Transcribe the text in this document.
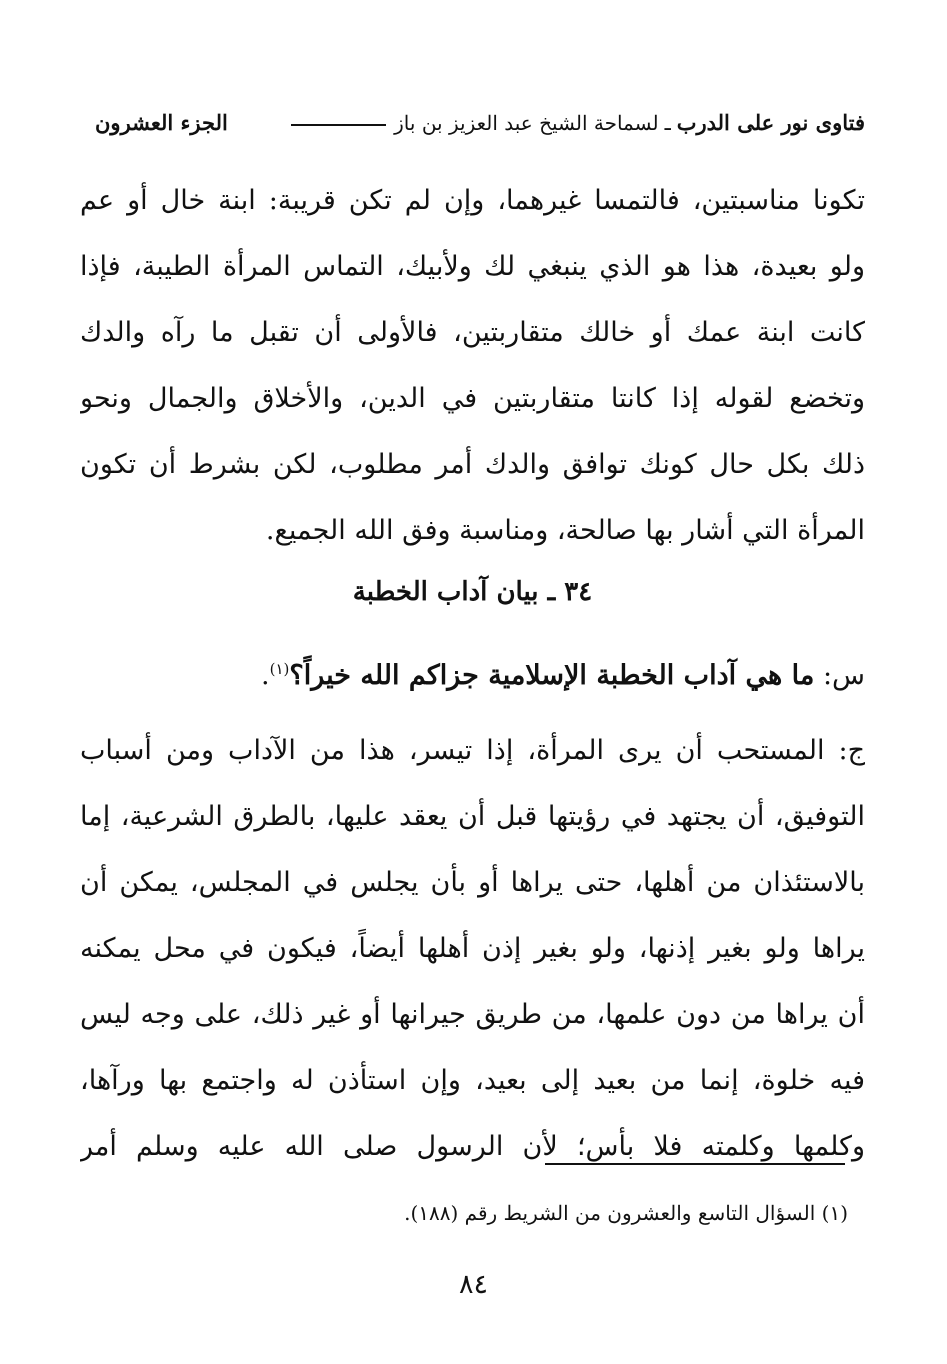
فتاوى نور على الدرب
ـ
لسماحة الشيخ عبد العزيز بن باز
الجزء العشرون
تكونا مناسبتين، فالتمسا غيرهما، وإن لم تكن قريبة: ابنة خال أو عم
ولو بعيدة، هذا هو الذي ينبغي لك ولأبيك، التماس المرأة الطيبة، فإذا
كانت ابنة عمك أو خالك متقاربتين، فالأولى أن تقبل ما رآه والدك
وتخضع لقوله إذا كانتا متقاربتين في الدين، والأخلاق والجمال ونحو
ذلك بكل حال كونك توافق والدك أمر مطلوب، لكن بشرط أن تكون
المرأة التي أشار بها صالحة، ومناسبة وفق الله الجميع.
٣٤ ـ بيان آداب الخطبة
س: ما هي آداب الخطبة الإسلامية جزاكم الله خيراً؟$^{(١)}$.
ج: المستحب أن يرى المرأة، إذا تيسر، هذا من الآداب ومن أسباب
التوفيق، أن يجتهد في رؤيتها قبل أن يعقد عليها، بالطرق الشرعية، إما
بالاستئذان من أهلها، حتى يراها أو بأن يجلس في المجلس، يمكن أن
يراها ولو بغير إذنها، ولو بغير إذن أهلها أيضاً، فيكون في محل يمكنه
أن يراها من دون علمها، من طريق جيرانها أو غير ذلك، على وجه ليس
فيه خلوة، إنما من بعيد إلى بعيد، وإن استأذن له واجتمع بها ورآها،
وكلمها وكلمته فلا بأس؛ لأن الرسول صلى الله عليه وسلم أمر
(١) السؤال التاسع والعشرون من الشريط رقم (١٨٨).
٨٤
